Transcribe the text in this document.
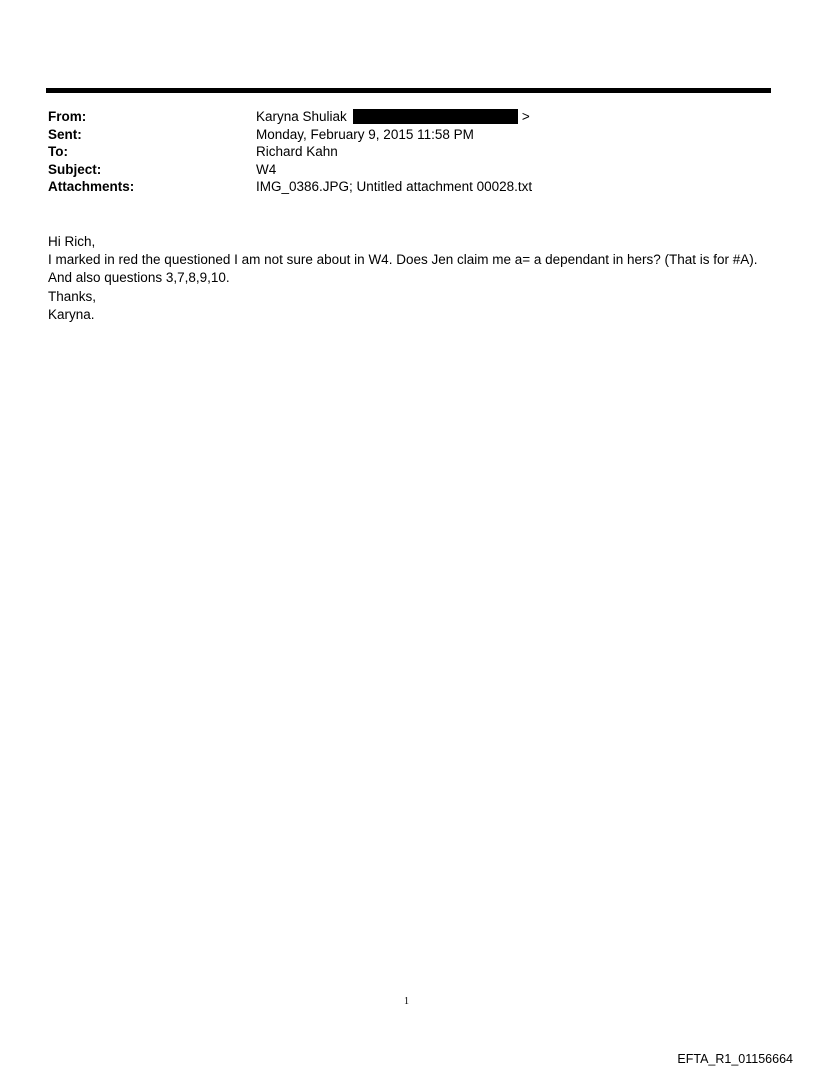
From:	Karyna Shuliak	>
Sent:	Monday, February 9, 2015 11:58 PM
To:	Richard Kahn
Subject:	W4
Attachments:	IMG_0386.JPG; Untitled attachment 00028.txt
Hi Rich,
I marked in red the questioned I am not sure about in W4. Does Jen claim me a= a dependant in hers? (That is for #A).
And also questions 3,7,8,9,10.
Thanks,
Karyna.
1
EFTA_R1_01156664
